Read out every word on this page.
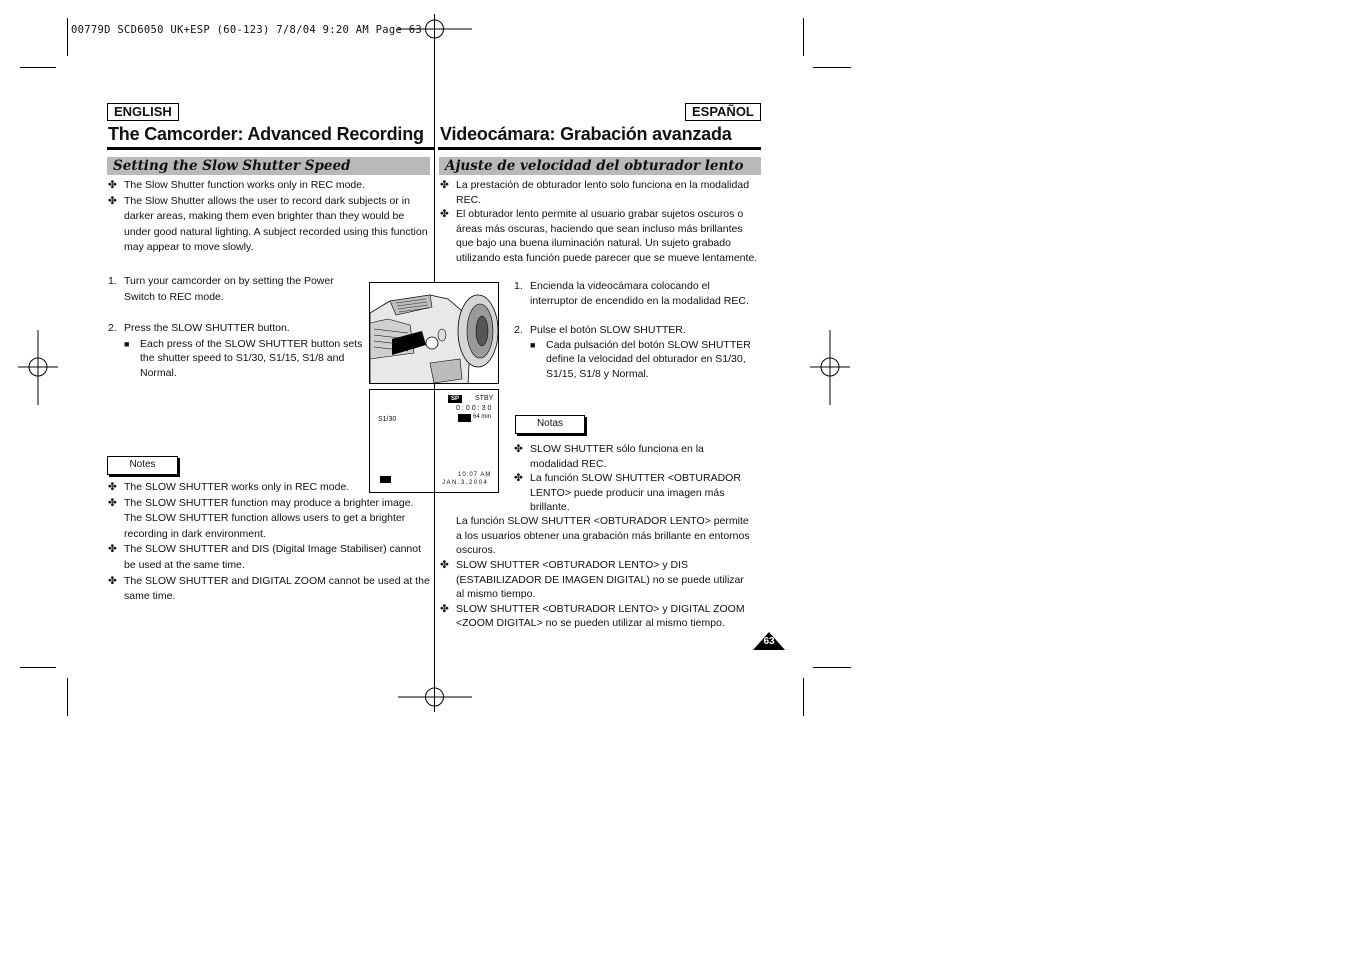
00779D SCD6050 UK+ESP (60-123) 7/8/04 9:20 AM Page 63
ENGLISH	ESPAÑOL
The Camcorder: Advanced Recording Videocámara: Grabación avanzada
Setting the Slow Shutter Speed	Ajuste de velocidad del obturador lento

✤ The Slow Shutter function works only in REC mode.

✤ The Slow Shutter allows the user to record dark subjects or in darker areas, making them even brighter than they would be under good natural lighting. A subject recorded using this function may appear to move slowly.

1. Turn your camcorder on by setting the Power Switch to REC mode.
2. Press the SLOW SHUTTER button.
■ Each press of the SLOW SHUTTER button sets the shutter speed to S1/30, S1/15, S1/8 and Normal.
SP	STBY
0:00:30
64 min
S1/30
10:07 AM
JAN.3,2004
Notes

✤ The SLOW SHUTTER works only in REC mode.

✤ The SLOW SHUTTER function may produce a brighter image. The SLOW SHUTTER function allows users to get a brighter recording in dark environment.

✤ The SLOW SHUTTER and DIS (Digital Image Stabiliser) cannot be used at the same time.

✤ The SLOW SHUTTER and DIGITAL ZOOM cannot be used at the same time.

✤ La prestación de obturador lento solo funciona en la modalidad REC.

✤ El obturador lento permite al usuario grabar sujetos oscuros o áreas más oscuras, haciendo que sean incluso más brillantes que bajo una buena iluminación natural. Un sujeto grabado utilizando esta función puede parecer que se mueve lentamente.

1. Encienda la videocámara colocando el interruptor de encendido en la modalidad REC.
2. Pulse el botón SLOW SHUTTER.
■ Cada pulsación del botón SLOW SHUTTER define la velocidad del obturador en S1/30, S1/15, S1/8 y Normal.
Notas

✤ SLOW SHUTTER sólo funciona en la modalidad REC.

✤ La función SLOW SHUTTER <OBTURADOR LENTO> puede producir una imagen más brillante.

La función SLOW SHUTTER <OBTURADOR LENTO> permite a los usuarios obtener una grabación más brillante en entornos oscuros.

✤ SLOW SHUTTER <OBTURADOR LENTO> y DIS (ESTABILIZADOR DE IMAGEN DIGITAL) no se puede utilizar al mismo tiempo.

✤ SLOW SHUTTER <OBTURADOR LENTO> y DIGITAL ZOOM <ZOOM DIGITAL> no se pueden utilizar al mismo tiempo.

63
